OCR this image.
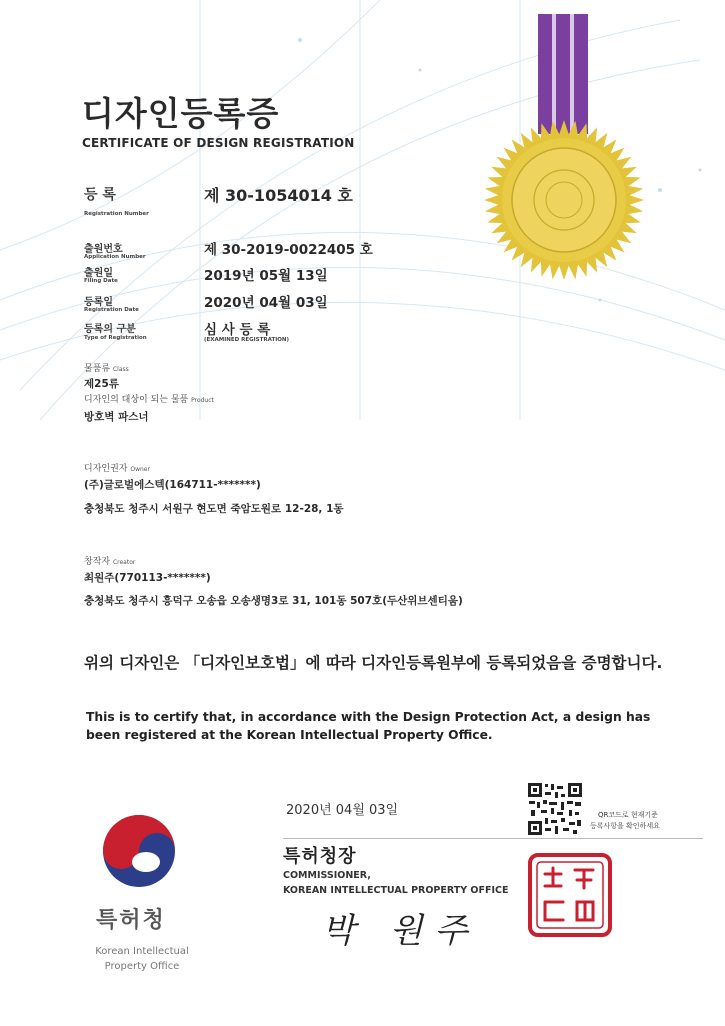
디자인등록증
CERTIFICATE OF DESIGN REGISTRATION
등 록
Registration Number
제 30-1054014 호
출원번호
Application Number	제 30-2019-0022405 호
출원일
Filing Date	2019년 05월 13일
등록일
Registration Date	2020년 04월 03일
등록의 구분
Type of Registration	심 사 등 록
(EXAMINED REGISTRATION)
물품류 Class
제25류
디자인의 대상이 되는 물품 Product
방호벽 파스너
디자인권자 Owner
(주)글로벌에스텍(164711-*******)
충청북도 청주시 서원구 현도면 죽암도원로 12-28, 1동
창작자 Creator
최원주(770113-*******)
충청북도 청주시 흥덕구 오송읍 오송생명3로 31, 101동 507호(두산위브센티움)
위의 디자인은 「디자인보호법」에 따라 디자인등록원부에 등록되었음을 증명합니다.
This is to certify that, in accordance with the Design Protection Act, a design has been registered at the Korean Intellectual Property Office.
2020년 04월 03일	QR코드로 현재기준
등록사항을 확인하세요
특허청장
COMMISSIONER,
KOREAN INTELLECTUAL PROPERTY OFFICE
박 원주
특허청
Korean Intellectual
Property Office
